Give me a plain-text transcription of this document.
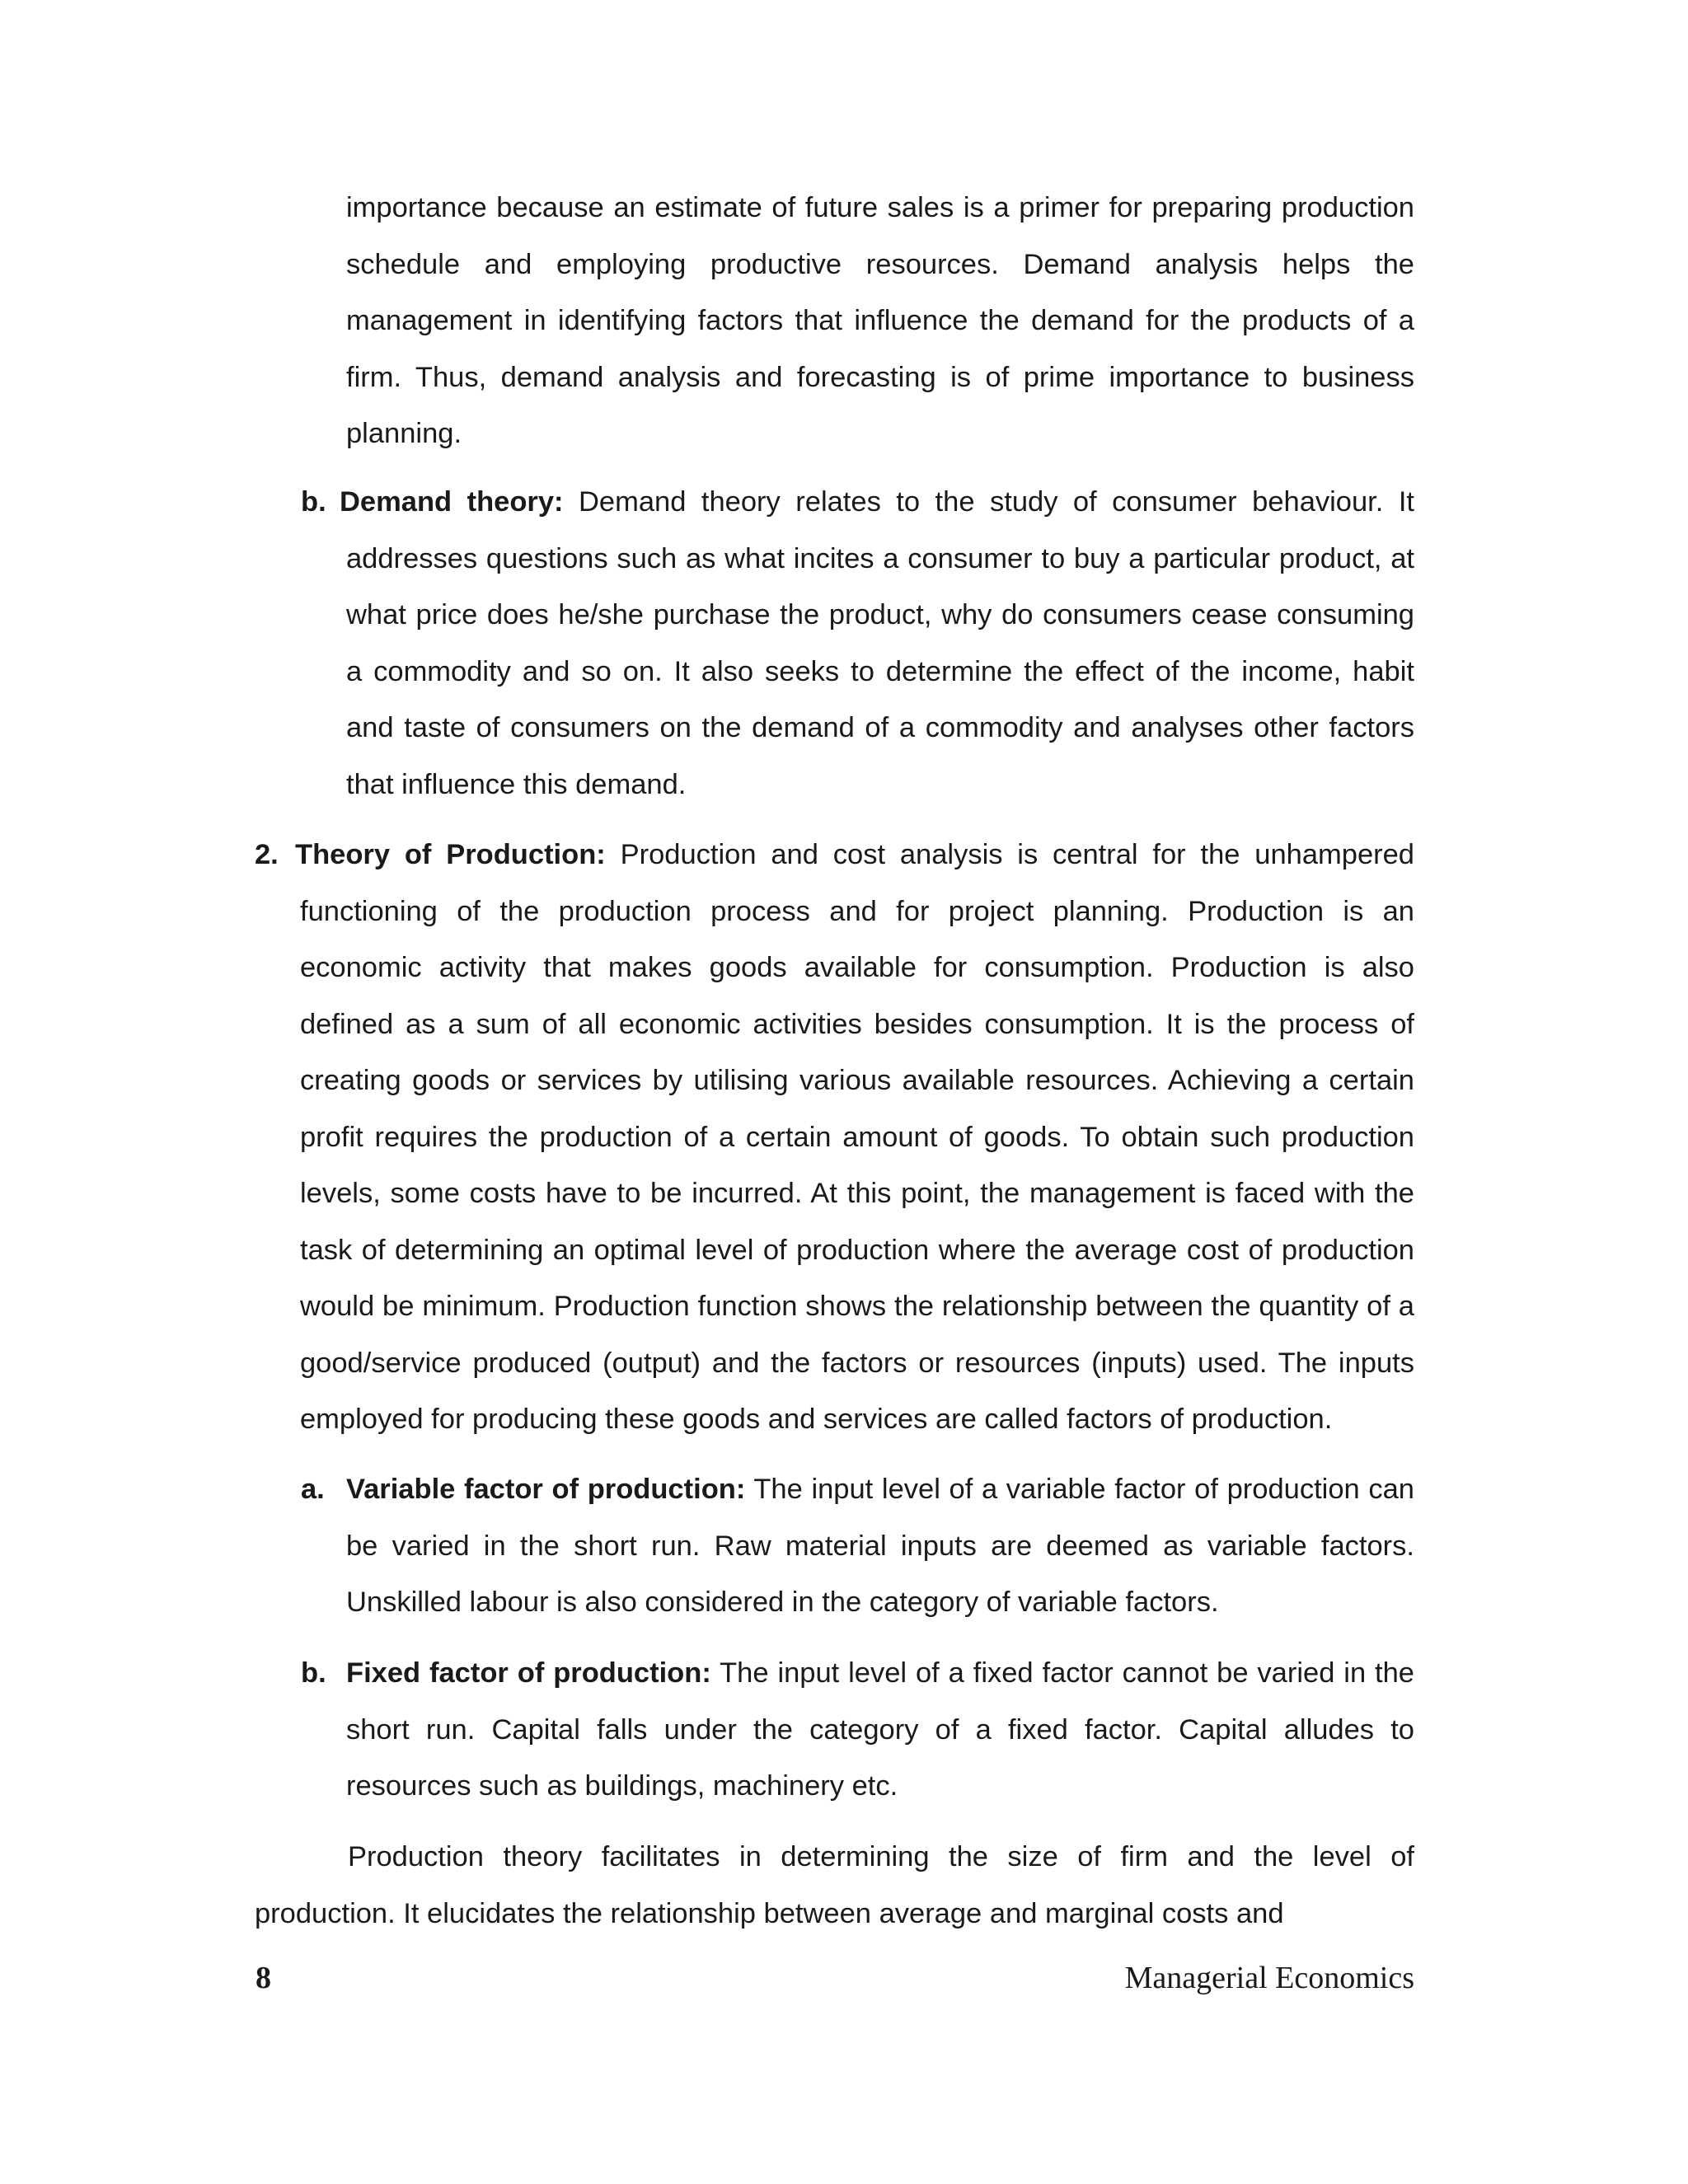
importance because an estimate of future sales is a primer for preparing production schedule and employing productive resources. Demand analysis helps the management in identifying factors that influence the demand for the products of a firm. Thus, demand analysis and forecasting is of prime importance to business planning.

b. Demand theory: Demand theory relates to the study of consumer behaviour. It addresses questions such as what incites a consumer to buy a particular product, at what price does he/she purchase the product, why do consumers cease consuming a commodity and so on. It also seeks to determine the effect of the income, habit and taste of consumers on the demand of a commodity and analyses other factors that influence this demand.

2. Theory of Production: Production and cost analysis is central for the unhampered functioning of the production process and for project planning. Production is an economic activity that makes goods available for consumption. Production is also defined as a sum of all economic activities besides consumption. It is the process of creating goods or services by utilising various available resources. Achieving a certain profit requires the production of a certain amount of goods. To obtain such production levels, some costs have to be incurred. At this point, the management is faced with the task of determining an optimal level of production where the average cost of production would be minimum. Production function shows the relationship between the quantity of a good/service produced (output) and the factors or resources (inputs) used. The inputs employed for producing these goods and services are called factors of production.

a. Variable factor of production: The input level of a variable factor of production can be varied in the short run. Raw material inputs are deemed as variable factors. Unskilled labour is also considered in the category of variable factors.

b. Fixed factor of production: The input level of a fixed factor cannot be varied in the short run. Capital falls under the category of a fixed factor. Capital alludes to resources such as buildings, machinery etc.

Production theory facilitates in determining the size of firm and the level of production. It elucidates the relationship between average and marginal costs and

8	Managerial Economics
